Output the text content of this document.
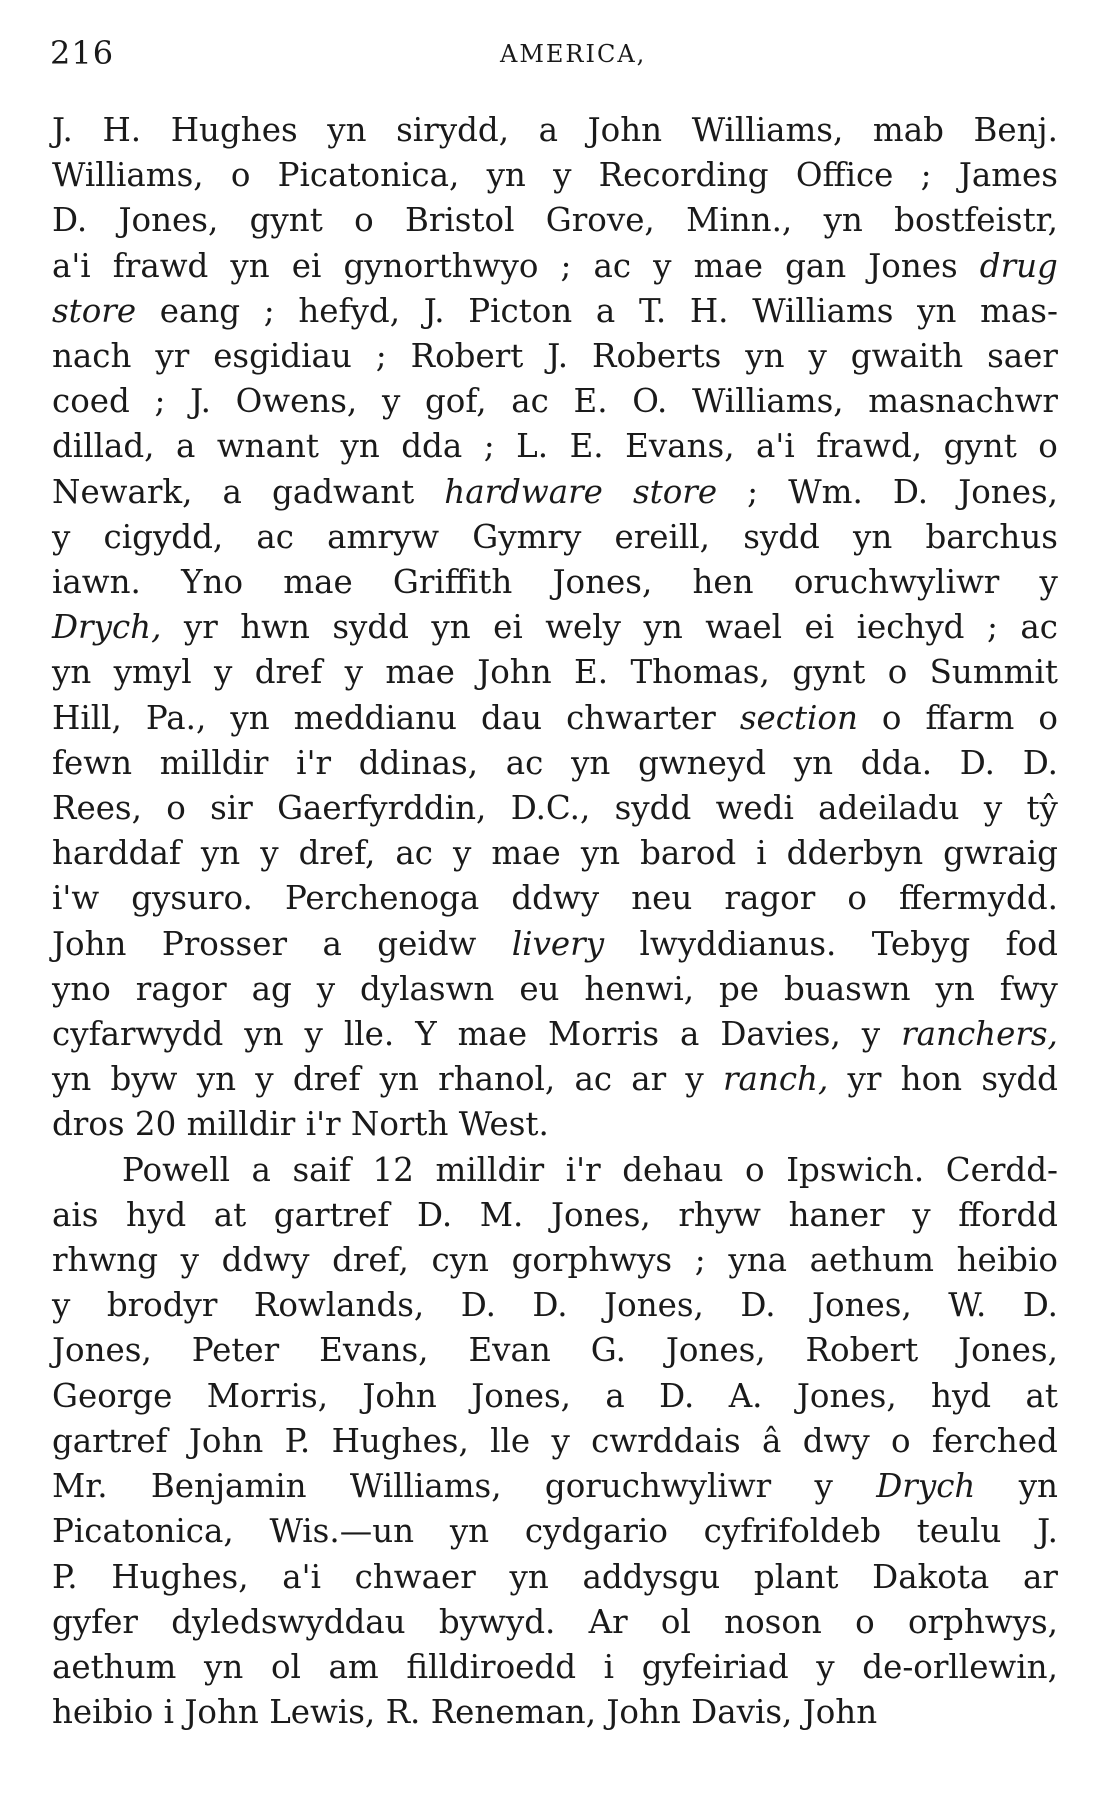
216	AMERICA,
J. H. Hughes yn sirydd, a John Williams, mab Benj.
Williams, o Picatonica, yn y Recording Office ; James
D. Jones, gynt o Bristol Grove, Minn., yn bostfeistr,
a'i frawd yn ei gynorthwyo ; ac y mae gan Jones drug
store eang ; hefyd, J. Picton a T. H. Williams yn mas-
nach yr esgidiau ; Robert J. Roberts yn y gwaith saer
coed ; J. Owens, y gof, ac E. O. Williams, masnachwr
dillad, a wnant yn dda ; L. E. Evans, a'i frawd, gynt o
Newark, a gadwant hardware store ; Wm. D. Jones,
y cigydd, ac amryw Gymry ereill, sydd yn barchus
iawn. Yno mae Griffith Jones, hen oruchwyliwr y
Drych, yr hwn sydd yn ei wely yn wael ei iechyd ; ac
yn ymyl y dref y mae John E. Thomas, gynt o Summit
Hill, Pa., yn meddianu dau chwarter section o ffarm o
fewn milldir i'r ddinas, ac yn gwneyd yn dda. D. D.
Rees, o sir Gaerfyrddin, D.C., sydd wedi adeiladu y tŷ
harddaf yn y dref, ac y mae yn barod i dderbyn gwraig
i'w gysuro. Perchenoga ddwy neu ragor o ffermydd.
John Prosser a geidw livery lwyddianus. Tebyg fod
yno ragor ag y dylaswn eu henwi, pe buaswn yn fwy
cyfarwydd yn y lle. Y mae Morris a Davies, y ranchers,
yn byw yn y dref yn rhanol, ac ar y ranch, yr hon sydd
dros 20 milldir i'r North West.
Powell a saif 12 milldir i'r dehau o Ipswich. Cerdd-
ais hyd at gartref D. M. Jones, rhyw haner y ffordd
rhwng y ddwy dref, cyn gorphwys ; yna aethum heibio
y brodyr Rowlands, D. D. Jones, D. Jones, W. D.
Jones, Peter Evans, Evan G. Jones, Robert Jones,
George Morris, John Jones, a D. A. Jones, hyd at
gartref John P. Hughes, lle y cwrddais â dwy o ferched
Mr. Benjamin Williams, goruchwyliwr y Drych yn
Picatonica, Wis.—un yn cydgario cyfrifoldeb teulu J.
P. Hughes, a'i chwaer yn addysgu plant Dakota ar
gyfer dyledswyddau bywyd. Ar ol noson o orphwys,
aethum yn ol am filldiroedd i gyfeiriad y de-orllewin,
heibio i John Lewis, R. Reneman, John Davis, John
